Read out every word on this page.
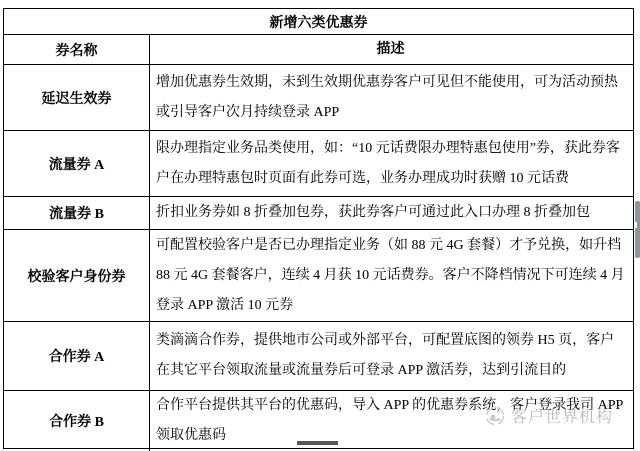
新增六类优惠券
券名称	描述
延迟生效券
增加优惠券生效期，未到生效期优惠券客户可见但不能使用，可为活动预热或引导客户次月持续登录 APP
流量券 A
限办理指定业务品类使用，如：“10 元话费限办理特惠包使用”券，获此券客户在办理特惠包时页面有此券可选，业务办理成功时获赠 10 元话费
流量券 B	折扣业务券如 8 折叠加包券，获此券客户可通过此入口办理 8 折叠加包
校验客户身份券
可配置校验客户是否已办理指定业务（如 88 元 4G 套餐）才予兑换，如升档 88 元 4G 套餐客户，连续 4 月获 10 元话费券。客户不降档情况下可连续 4 月登录 APP 激活 10 元券
合作券 A
类滴滴合作券，提供地市公司或外部平台，可配置底图的领券 H5 页，客户在其它平台领取流量或流量券后可登录 APP 激活券，达到引流目的
合作券 B
合作平台提供其平台的优惠码，导入 APP 的优惠券系统，客户登录我司 APP 领取优惠码
客户世界机构
